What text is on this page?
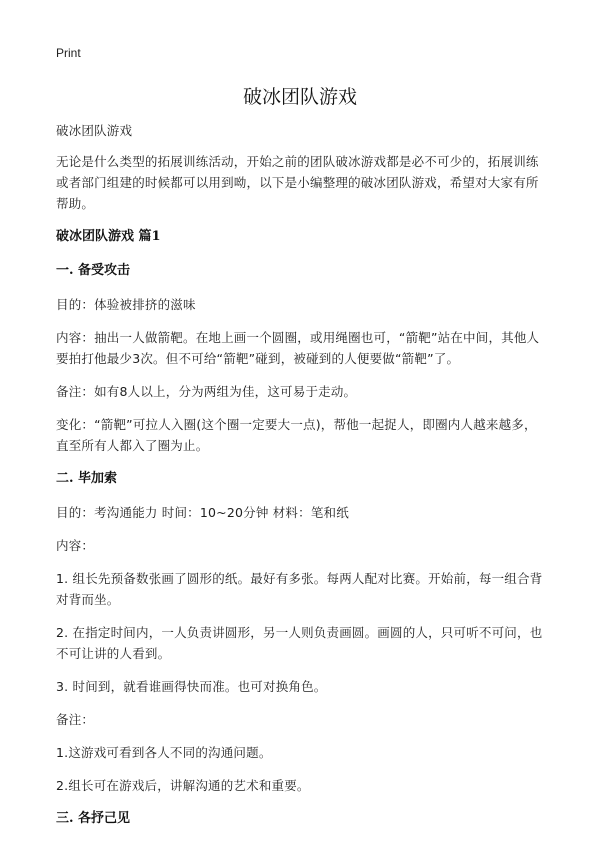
Print
破冰团队游戏

破冰团队游戏

无论是什么类型的拓展训练活动，开始之前的团队破冰游戏都是必不可少的，拓展训练或者部门组建的时候都可以用到呦，以下是小编整理的破冰团队游戏，希望对大家有所帮助。

破冰团队游戏 篇1
一. 备受攻击

目的：体验被排挤的滋味

内容：抽出一人做箭靶。在地上画一个圆圈，或用绳圈也可，“箭靶”站在中间，其他人要拍打他最少3次。但不可给“箭靶”碰到，被碰到的人便要做“箭靶”了。

备注：如有8人以上，分为两组为佳，这可易于走动。

变化：“箭靶”可拉人入圈(这个圈一定要大一点)，帮他一起捉人，即圈内人越来越多，直至所有人都入了圈为止。

二. 毕加索

目的：考沟通能力 时间：10~20分钟 材料：笔和纸

内容：

1. 组长先预备数张画了圆形的纸。最好有多张。每两人配对比赛。开始前，每一组合背对背而坐。

2. 在指定时间内，一人负责讲圆形，另一人则负责画圆。画圆的人，只可听不可问，也不可让讲的人看到。

3. 时间到，就看谁画得快而准。也可对换角色。

备注：

1.这游戏可看到各人不同的沟通问题。

2.组长可在游戏后，讲解沟通的艺术和重要。

三. 各抒己见
